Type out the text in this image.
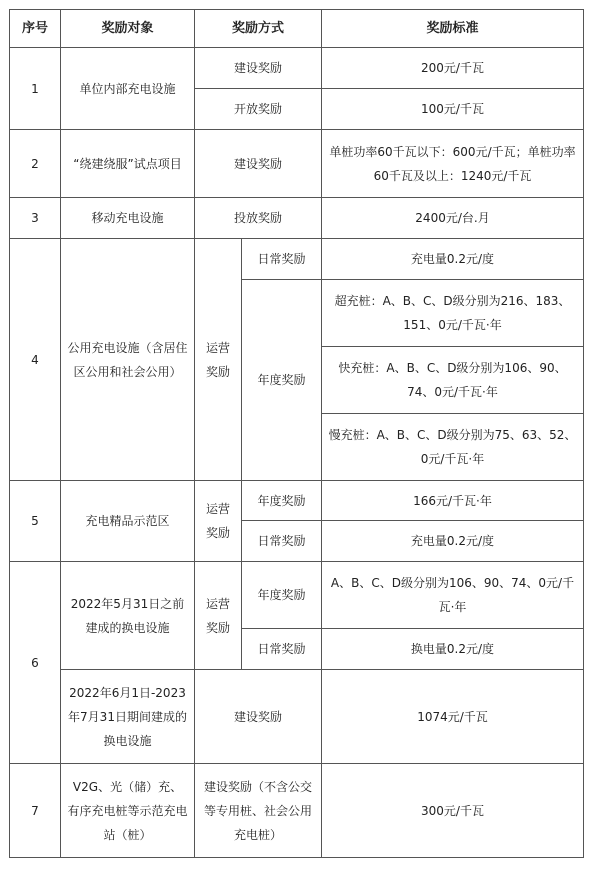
序号	奖励对象	奖励方式		奖励标准
1	单位内部充电设施	建设奖励		200元/千瓦
		开放奖励		100元/千瓦
2	“绕建绕服”试点项目	建设奖励		单桩功率60千瓦以下：600元/千瓦；单桩功率60千瓦及以上：1240元/千瓦
3	移动充电设施	投放奖励		2400元/台.月
4	公用充电设施（含居住区公用和社会公用）	运营奖励	日常奖励	充电量0.2元/度
			年度奖励	超充桩：A、B、C、D级分别为216、183、151、0元/千瓦·年
				快充桩：A、B、C、D级分别为106、90、74、0元/千瓦·年
				慢充桩：A、B、C、D级分别为75、63、52、0元/千瓦·年
5	充电精品示范区	运营奖励	年度奖励	166元/千瓦·年
			日常奖励	充电量0.2元/度
6	2022年5月31日之前建成的换电设施	运营奖励	年度奖励	A、B、C、D级分别为106、90、74、0元/千瓦·年
			日常奖励	换电量0.2元/度
	2022年6月1日-2023年7月31日期间建成的换电设施	建设奖励		1074元/千瓦
7	V2G、光（储）充、有序充电桩等示范充电站（桩）	建设奖励（不含公交等专用桩、社会公用充电桩）		300元/千瓦
